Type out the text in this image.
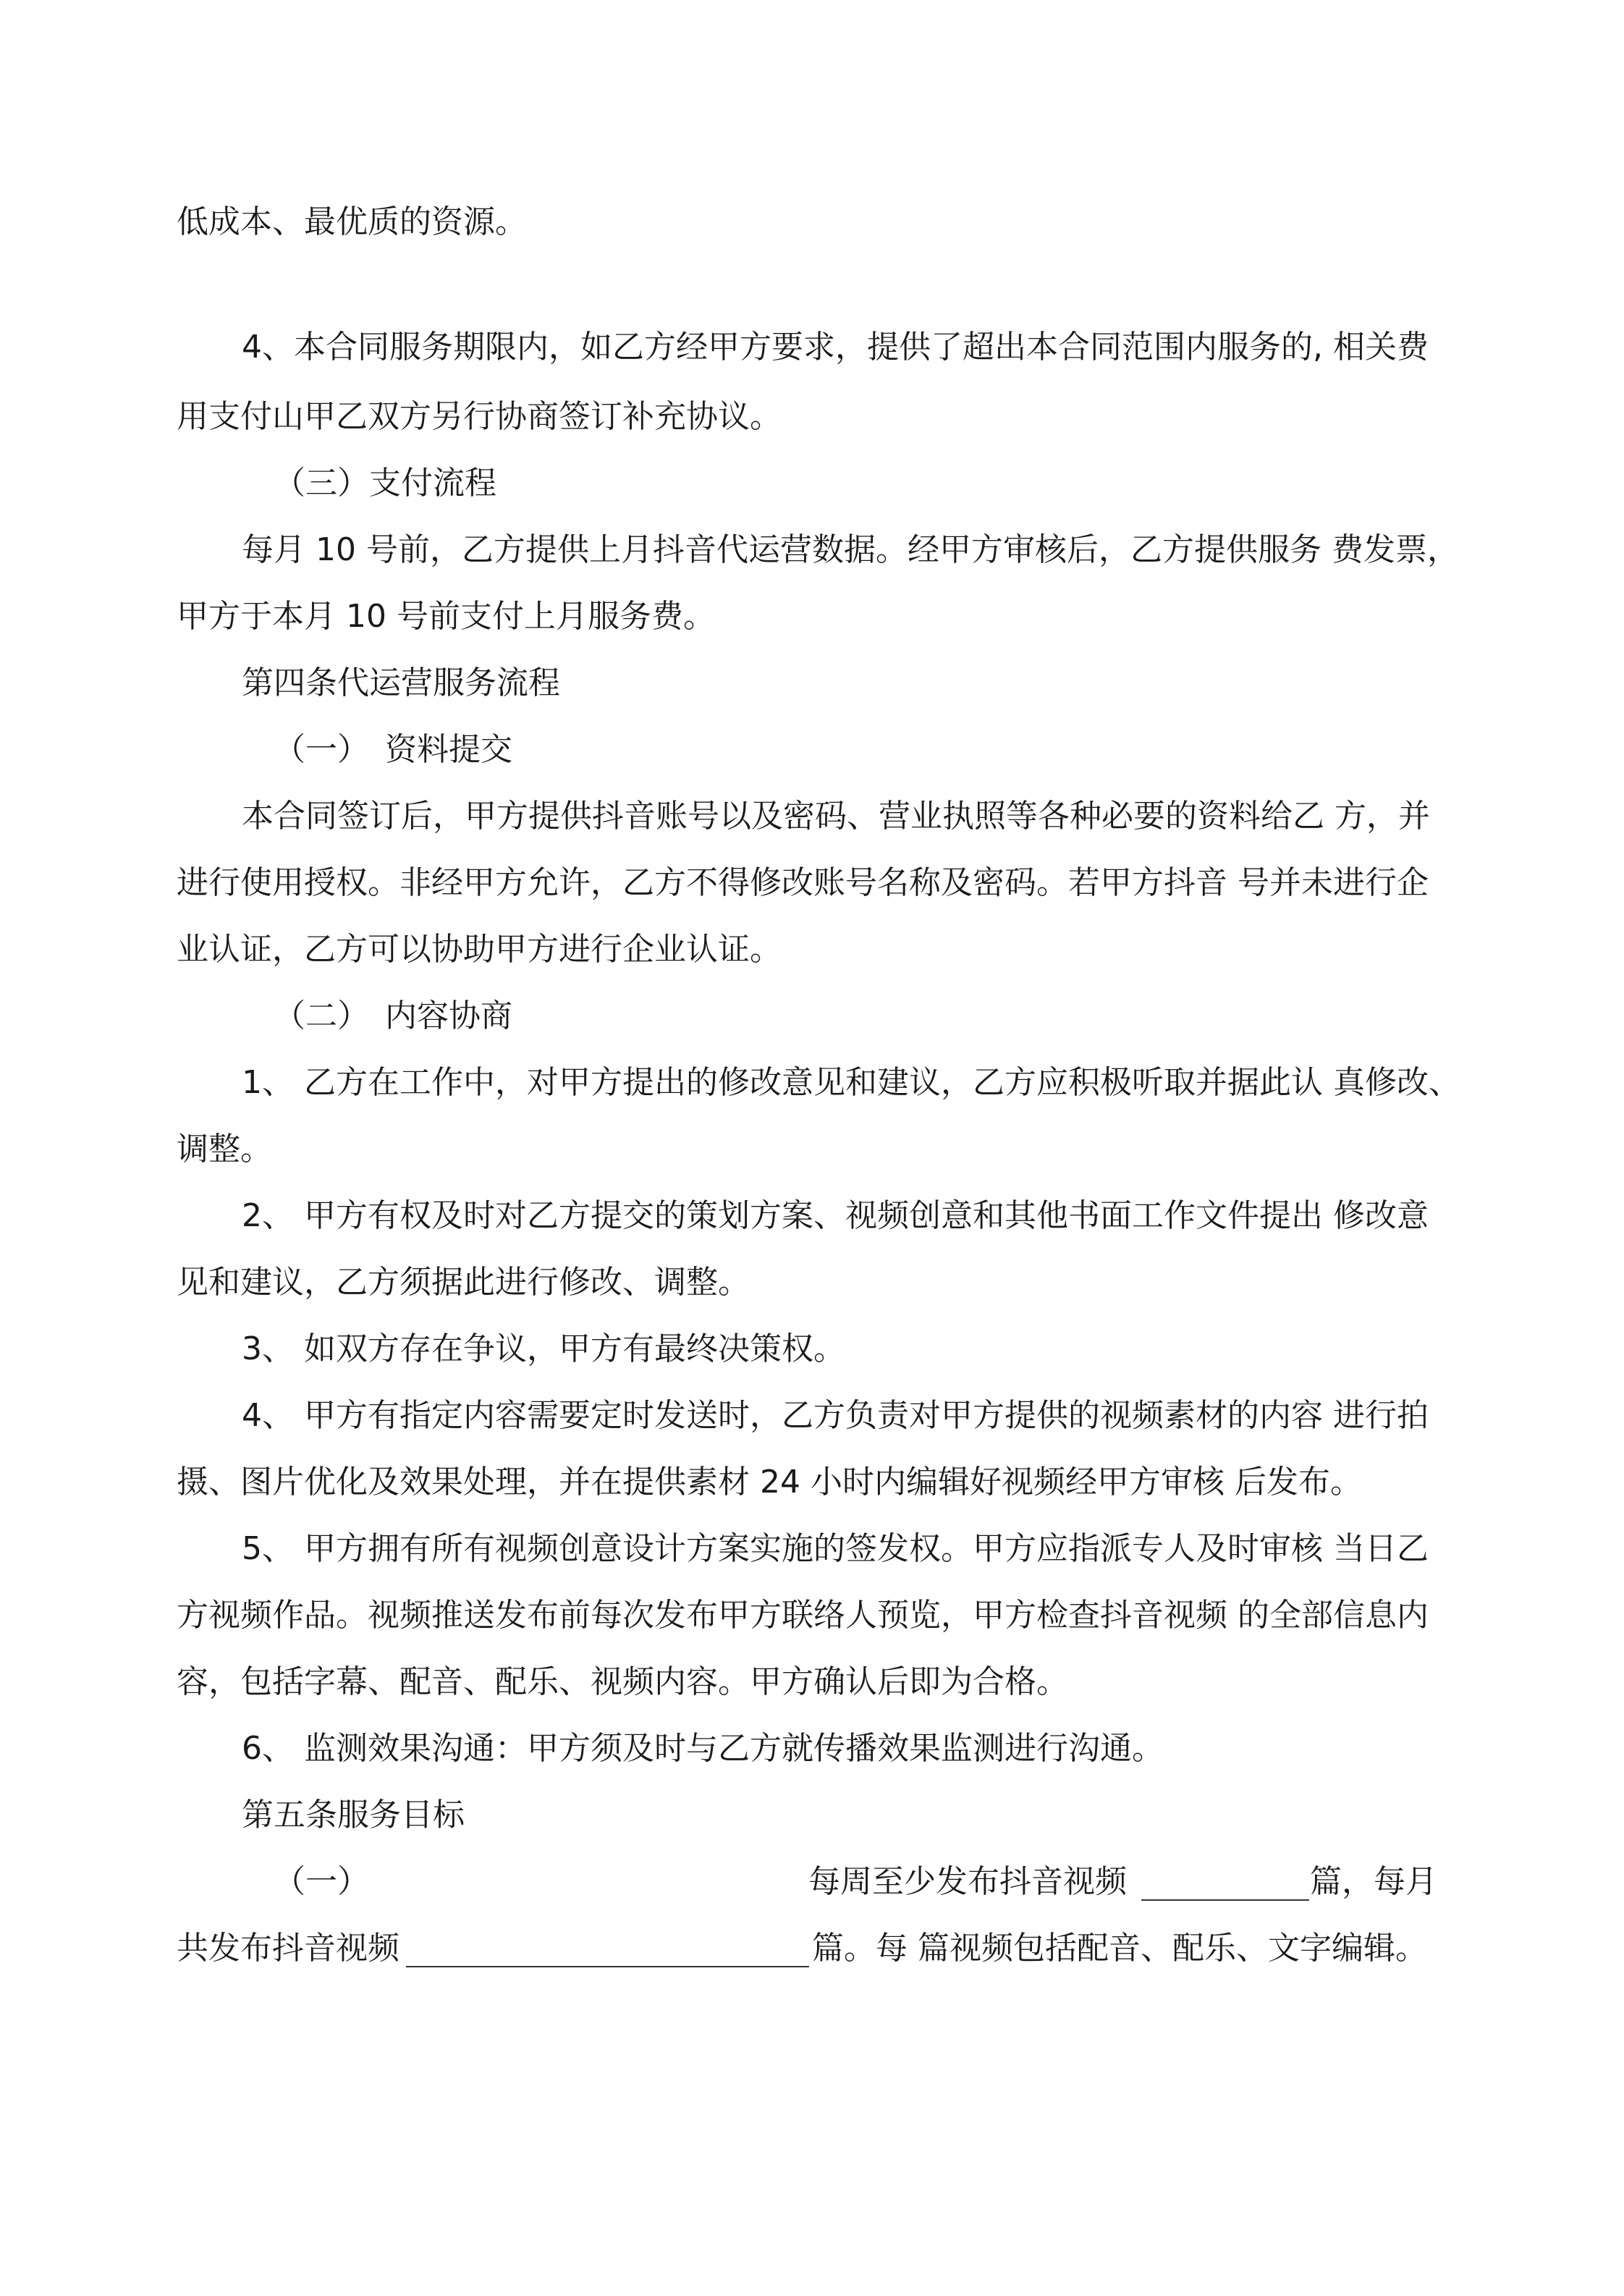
低成本、最优质的资源。

4、本合同服务期限内，如乙方经甲方要求，提供了超出本合同范围内服务的, 相关费

用支付山甲乙双方另行协商签订补充协议。

（三）支付流程

每月 10 号前，乙方提供上月抖音代运营数据。经甲方审核后，乙方提供服务 费发票，

甲方于本月 10 号前支付上月服务费。

第四条代运营服务流程

（一）　资料提交

本合同签订后，甲方提供抖音账号以及密码、营业执照等各种必要的资料给乙 方，并

进行使用授权。非经甲方允许，乙方不得修改账号名称及密码。若甲方抖音 号并未进行企

业认证，乙方可以协助甲方进行企业认证。

（二）　内容协商

1、 乙方在工作中，对甲方提出的修改意见和建议，乙方应积极听取并据此认 真修改、

调整。

2、 甲方有权及时对乙方提交的策划方案、视频创意和其他书面工作文件提出 修改意

见和建议，乙方须据此进行修改、调整。

3、 如双方存在争议，甲方有最终决策权。

4、 甲方有指定内容需要定时发送时，乙方负责对甲方提供的视频素材的内容 进行拍

摄、图片优化及效果处理，并在提供素材 24 小时内编辑好视频经甲方审核 后发布。

5、 甲方拥有所有视频创意设计方案实施的签发权。甲方应指派专人及时审核 当日乙

方视频作品。视频推送发布前每次发布甲方联络人预览，甲方检查抖音视频 的全部信息内

容，包括字幕、配音、配乐、视频内容。甲方确认后即为合格。

6、 监测效果沟通：甲方须及时与乙方就传播效果监测进行沟通。

第五条服务目标

（一）	每周至少发布抖音视频	篇，每月
共发布抖音视频	篇。每 篇视频包括配音、配乐、文字编辑。
